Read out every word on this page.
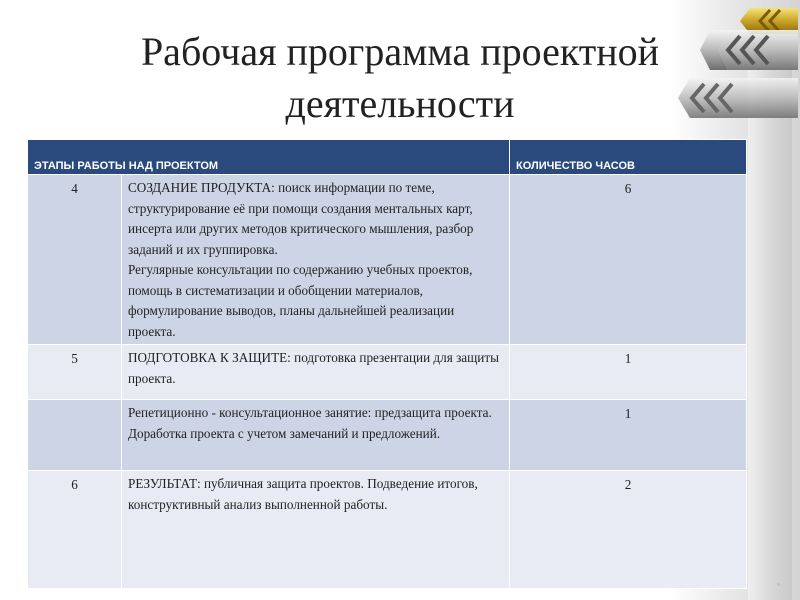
Рабочая программа проектной
деятельности
ЭТАПЫ РАБОТЫ НАД ПРОЕКТОМ		КОЛИЧЕСТВО ЧАСОВ
4	СОЗДАНИЕ ПРОДУКТА: поиск информации по теме, структурирование её при помощи создания ментальных карт, инсерта или других методов критического мышления, разбор заданий и их группировка.
Регулярные консультации по содержанию учебных проектов, помощь в систематизации и обобщении материалов, формулирование выводов, планы дальнейшей реализации проекта.	6
5	ПОДГОТОВКА К ЗАЩИТЕ: подготовка презентации для защиты проекта.	1

	Репетиционно - консультационное занятие: предзащита проекта. Доработка проекта с учетом замечаний и предложений.	1
6	РЕЗУЛЬТАТ: публичная защита проектов. Подведение итогов, конструктивный анализ выполненной работы.	2
